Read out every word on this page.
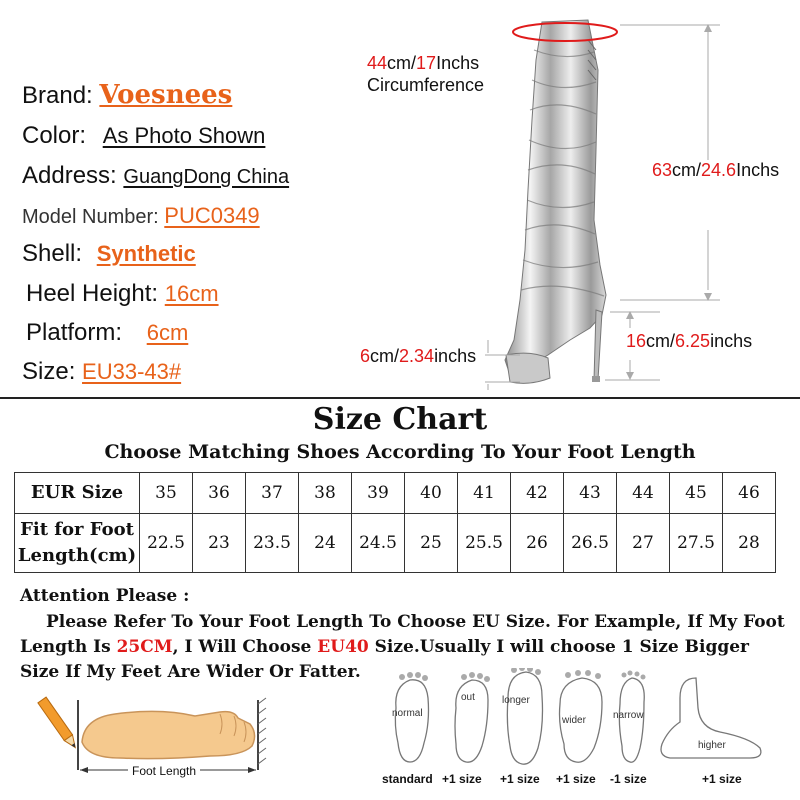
Brand: Voesnees
Color: As Photo Shown
Address: GuangDong China
Model Number: PUC0349
Shell: Synthetic
Heel Height: 16cm
Platform: 6cm
Size: EU33-43#
44cm/17Inchs
Circumference
63cm/24.6Inchs
16cm/6.25inchs
6cm/2.34inchs
Size Chart
Choose Matching Shoes According To Your Foot Length
EUR Size	35	36	37	38	39	40	41	42	43	44	45	46

Fit for Foot
Length(cm)	22.5	23	23.5	24	24.5	25	25.5	26	26.5	27	27.5	28
Attention Please :
Please Refer To Your Foot Length To Choose EU Size. For Example, If My Foot Length Is 25CM, I Will Choose EU40 Size.Usually I will choose 1 Size Bigger Size If My Feet Are Wider Or Fatter.
Foot Length
normal
out	longer
wider	narrow
higher
standard +1 size +1 size +1 size -1 size	+1 size
